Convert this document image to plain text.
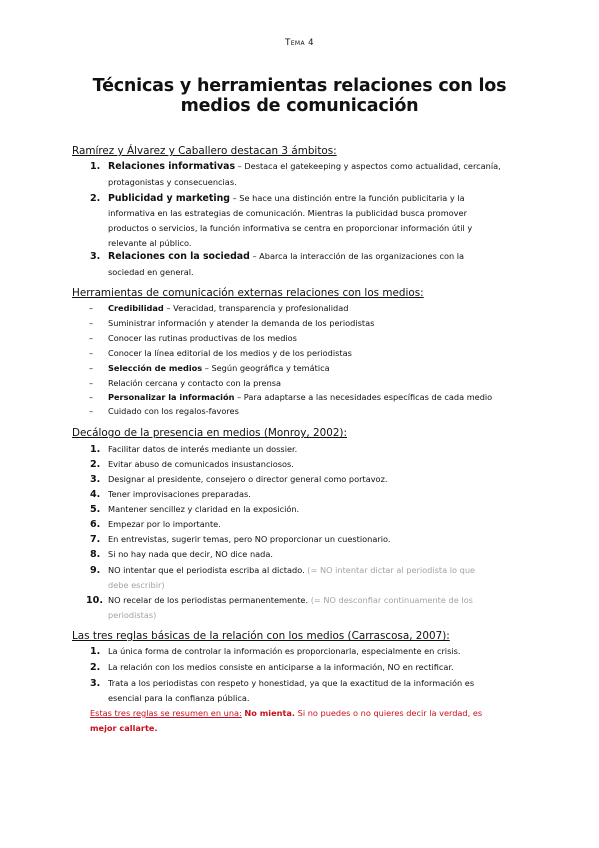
Tema 4
Técnicas y herramientas relaciones con los
medios de comunicación
Ramírez y Álvarez y Caballero destacan 3 ámbitos:
1. Relaciones informativas – Destaca el gatekeeping y aspectos como actualidad, cercanía,
protagonistas y consecuencias.
2. Publicidad y marketing – Se hace una distinción entre la función publicitaria y la
informativa en las estrategias de comunicación. Mientras la publicidad busca promover
productos o servicios, la función informativa se centra en proporcionar información útil y
relevante al público.
3. Relaciones con la sociedad – Abarca la interacción de las organizaciones con la
sociedad en general.
Herramientas de comunicación externas relaciones con los medios:
– Credibilidad – Veracidad, transparencia y profesionalidad
– Suministrar información y atender la demanda de los periodistas
– Conocer las rutinas productivas de los medios
– Conocer la línea editorial de los medios y de los periodistas
– Selección de medios – Según geográfica y temática
– Relación cercana y contacto con la prensa
– Personalizar la información – Para adaptarse a las necesidades específicas de cada medio
– Cuidado con los regalos-favores
Decálogo de la presencia en medios (Monroy, 2002):
1. Facilitar datos de interés mediante un dossier.
2. Evitar abuso de comunicados insustanciosos.
3. Designar al presidente, consejero o director general como portavoz.
4. Tener improvisaciones preparadas.
5. Mantener sencillez y claridad en la exposición.
6. Empezar por lo importante.
7. En entrevistas, sugerir temas, pero NO proporcionar un cuestionario.
8. Si no hay nada que decir, NO dice nada.
9. NO intentar que el periodista escriba al dictado. (= NO intentar dictar al periodista lo que
debe escribir)
10. NO recelar de los periodistas permanentemente. (= NO desconfiar continuamente de los
periodistas)
Las tres reglas básicas de la relación con los medios (Carrascosa, 2007):
1. La única forma de controlar la información es proporcionarla, especialmente en crisis.
2. La relación con los medios consiste en anticiparse a la información, NO en rectificar.
3. Trata a los periodistas con respeto y honestidad, ya que la exactitud de la información es
esencial para la confianza pública.
Estas tres reglas se resumen en una: No mienta. Si no puedes o no quieres decir la verdad, es
mejor callarte.
